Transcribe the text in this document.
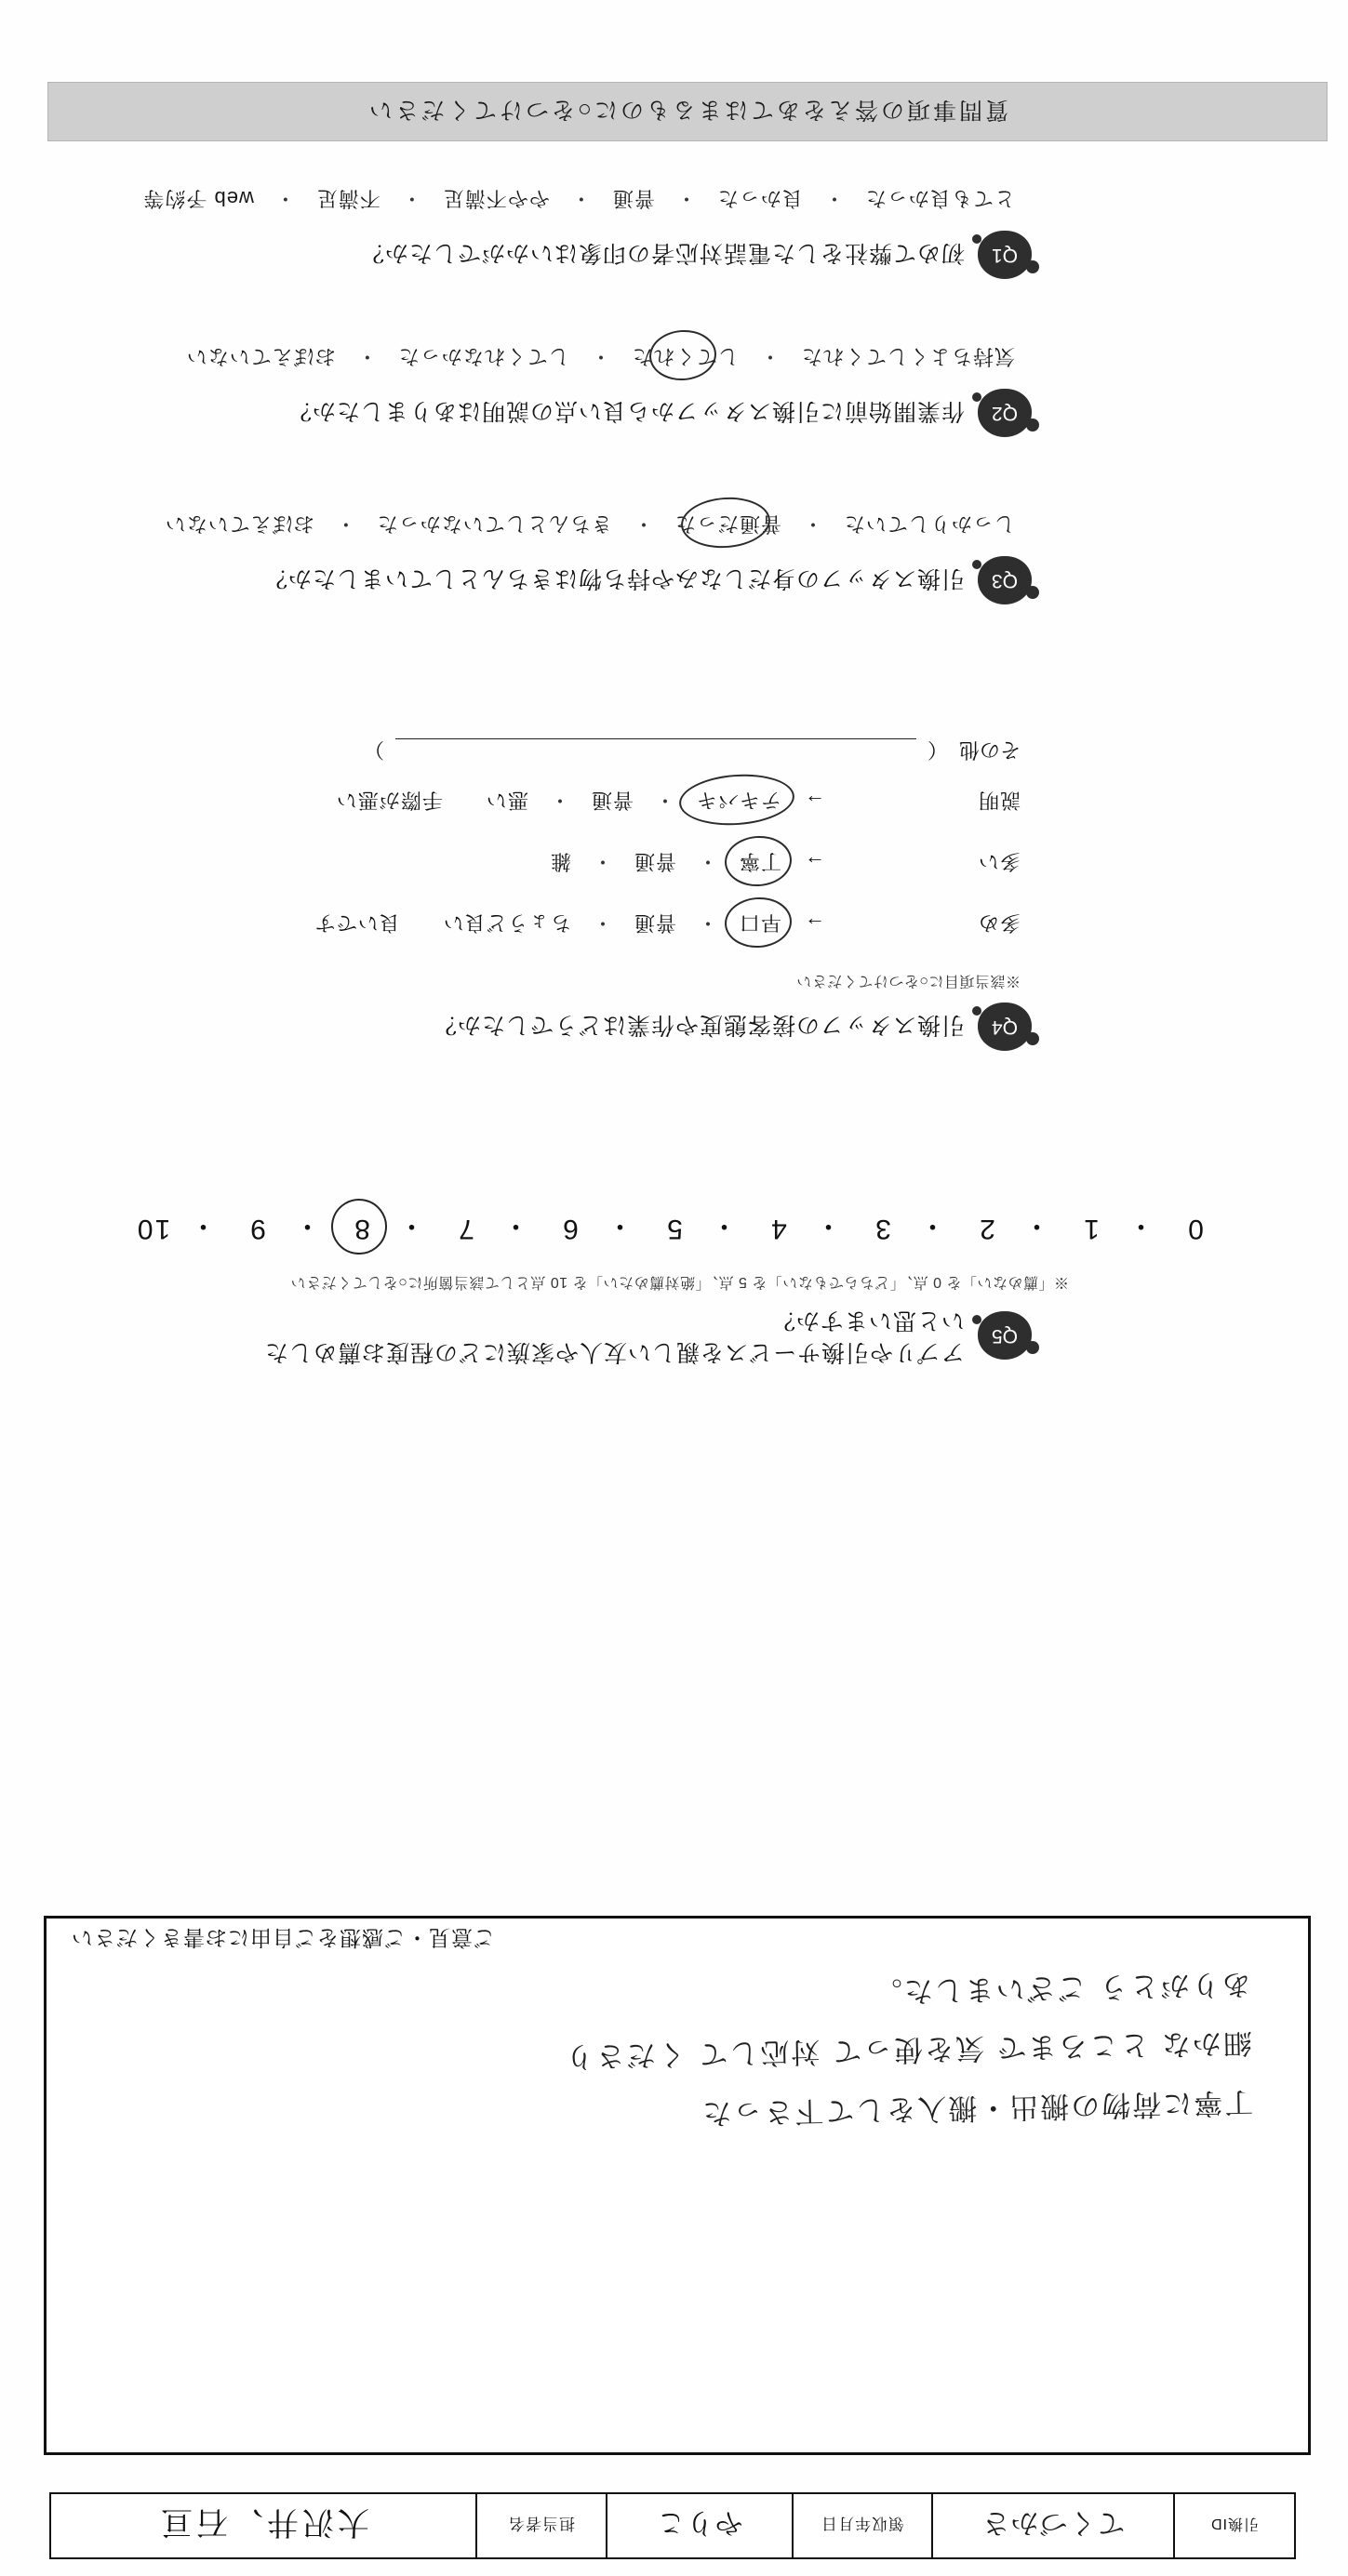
質問事項の答えをあてはまるものに○をつけてください
引換ID
てくづかさ
領収年月日
やりこ
担当者名
大沢井、石亘
Q1
初めて弊社をした電話対応者の印象はいかがでしたか？
とても良かった
・
良かった
・
普通
・
やや不満足
・
不満足
・
web 予約等
Q2
作業開始前に引換スタッフから良い点の説明はありましたか？
気持ちよくしてくれた
・
してくれた
・
してくれなかった
・
おぼえていない
Q3
引換スタッフの身だしなみや持ち物はきちんとしていましたか？
しっかりしていた
・
普通だった
・
きちんとしていなかった
・
おぼえていない
Q4
引換スタッフの接客態度や作業はどうでしたか？
※該当項目に○をつけてください
多め
→
早口
・
普通
・
ちょうど良い
良いです
多い
→
丁寧
・
普通
・
雑
説明
→
テキパキ
・
普通
・
悪い
手際が悪い
その他
（
）
Q5
アプリや引換サービスを親しい友人や家族にどの程度お薦めしたいと思いますか？
※「薦めない」を 0 点、「どちらでもない」を 5 点、「絶対薦めたい」を 10 点として該当箇所に○をしてください
0
・
1
・
2
・
3
・
4
・
5
・
6
・
7
・
8
・
9
・
10
丁寧に荷物の搬出・搬入をして下さった
細かな ところまで 気を使って 対応して くださり
ありがとう ございました。
ご意見・ご感想をご自由にお書きください
